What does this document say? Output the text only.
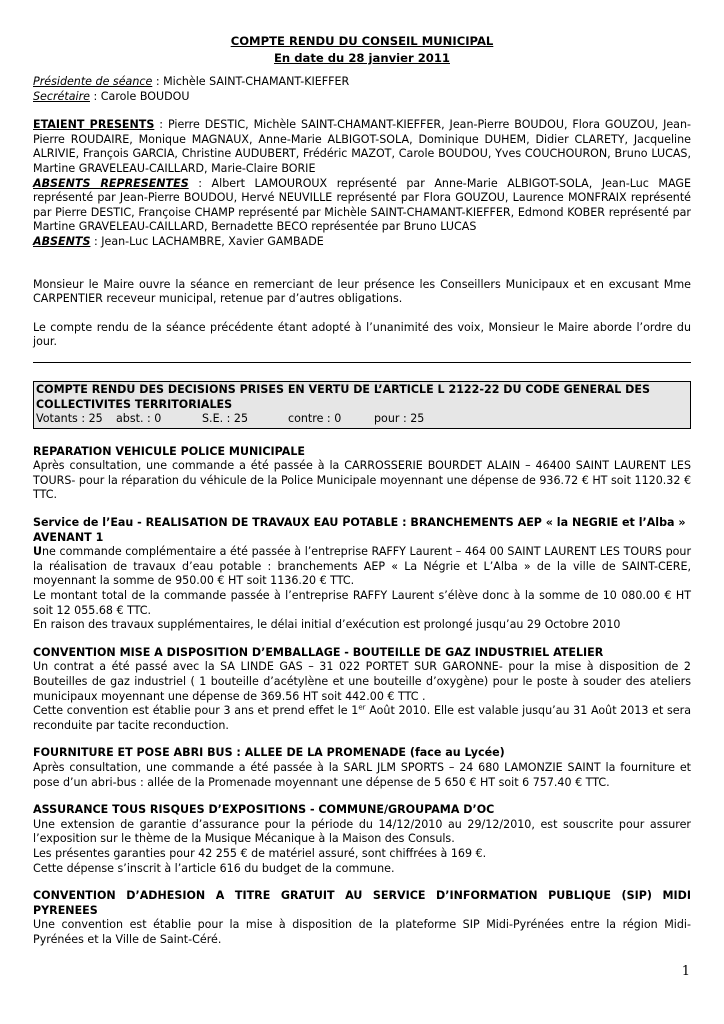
COMPTE RENDU DU CONSEIL MUNICIPAL
En date du 28 janvier 2011

Présidente de séance : Michèle SAINT-CHAMANT-KIEFFER

Secrétaire : Carole BOUDOU

ETAIENT PRESENTS : Pierre DESTIC, Michèle SAINT-CHAMANT-KIEFFER, Jean-Pierre BOUDOU, Flora GOUZOU, Jean-Pierre ROUDAIRE, Monique MAGNAUX, Anne-Marie ALBIGOT-SOLA, Dominique DUHEM, Didier CLARETY, Jacqueline ALRIVIE, François GARCIA, Christine AUDUBERT, Frédéric MAZOT, Carole BOUDOU, Yves COUCHOURON, Bruno LUCAS, Martine GRAVELEAU-CAILLARD, Marie-Claire BORIE

ABSENTS REPRESENTES : Albert LAMOUROUX représenté par Anne-Marie ALBIGOT-SOLA, Jean-Luc MAGE représenté par Jean-Pierre BOUDOU, Hervé NEUVILLE représenté par Flora GOUZOU, Laurence MONFRAIX représenté par Pierre DESTIC, Françoise CHAMP représenté par Michèle SAINT-CHAMANT-KIEFFER, Edmond KOBER représenté par Martine GRAVELEAU-CAILLARD, Bernadette BECO représentée par Bruno LUCAS

ABSENTS : Jean-Luc LACHAMBRE, Xavier GAMBADE

Monsieur le Maire ouvre la séance en remerciant de leur présence les Conseillers Municipaux et en excusant Mme CARPENTIER receveur municipal, retenue par d’autres obligations.

Le compte rendu de la séance précédente étant adopté à l’unanimité des voix, Monsieur le Maire aborde l’ordre du jour.

COMPTE RENDU DES DECISIONS PRISES EN VERTU DE L’ARTICLE L 2122-22 DU CODE GENERAL DES COLLECTIVITES TERRITORIALES
Votants : 25 abst. : 0	S.E. : 25	contre : 0	pour : 25
REPARATION VEHICULE POLICE MUNICIPALE

Après consultation, une commande a été passée à la CARROSSERIE BOURDET ALAIN – 46400 SAINT LAURENT LES TOURS- pour la réparation du véhicule de la Police Municipale moyennant une dépense de 936.72 € HT soit 1120.32 € TTC.

Service de l’Eau - REALISATION DE TRAVAUX EAU POTABLE : BRANCHEMENTS AEP « la NEGRIE et l’Alba » AVENANT 1

Une commande complémentaire a été passée à l’entreprise RAFFY Laurent – 464 00 SAINT LAURENT LES TOURS pour la réalisation de travaux d’eau potable : branchements AEP « La Négrie et L’Alba » de la ville de SAINT-CERE, moyennant la somme de 950.00 € HT soit 1136.20 € TTC.

Le montant total de la commande passée à l’entreprise RAFFY Laurent s’élève donc à la somme de 10 080.00 € HT soit 12 055.68 € TTC.

En raison des travaux supplémentaires, le délai initial d’exécution est prolongé jusqu’au 29 Octobre 2010

CONVENTION MISE A DISPOSITION D’EMBALLAGE - BOUTEILLE DE GAZ INDUSTRIEL ATELIER

Un contrat a été passé avec la SA LINDE GAS – 31 022 PORTET SUR GARONNE- pour la mise à disposition de 2 Bouteilles de gaz industriel ( 1 bouteille d’acétylène et une bouteille d’oxygène) pour le poste à souder des ateliers municipaux moyennant une dépense de 369.56 HT soit 442.00 € TTC .

Cette convention est établie pour 3 ans et prend effet le 1er Août 2010. Elle est valable jusqu’au 31 Août 2013 et sera reconduite par tacite reconduction.

FOURNITURE ET POSE ABRI BUS : ALLEE DE LA PROMENADE (face au Lycée)

Après consultation, une commande a été passée à la SARL JLM SPORTS – 24 680 LAMONZIE SAINT la fourniture et pose d’un abri-bus : allée de la Promenade moyennant une dépense de 5 650 € HT soit 6 757.40 € TTC.

ASSURANCE TOUS RISQUES D’EXPOSITIONS - COMMUNE/GROUPAMA D’OC

Une extension de garantie d’assurance pour la période du 14/12/2010 au 29/12/2010, est souscrite pour assurer l’exposition sur le thème de la Musique Mécanique à la Maison des Consuls.

Les présentes garanties pour 42 255 € de matériel assuré, sont chiffrées à 169 €.

Cette dépense s’inscrit à l’article 616 du budget de la commune.

CONVENTION D’ADHESION A TITRE GRATUIT AU SERVICE D’INFORMATION PUBLIQUE (SIP) MIDI PYRENEES

Une convention est établie pour la mise à disposition de la plateforme SIP Midi-Pyrénées entre la région Midi-Pyrénées et la Ville de Saint-Céré.

1
